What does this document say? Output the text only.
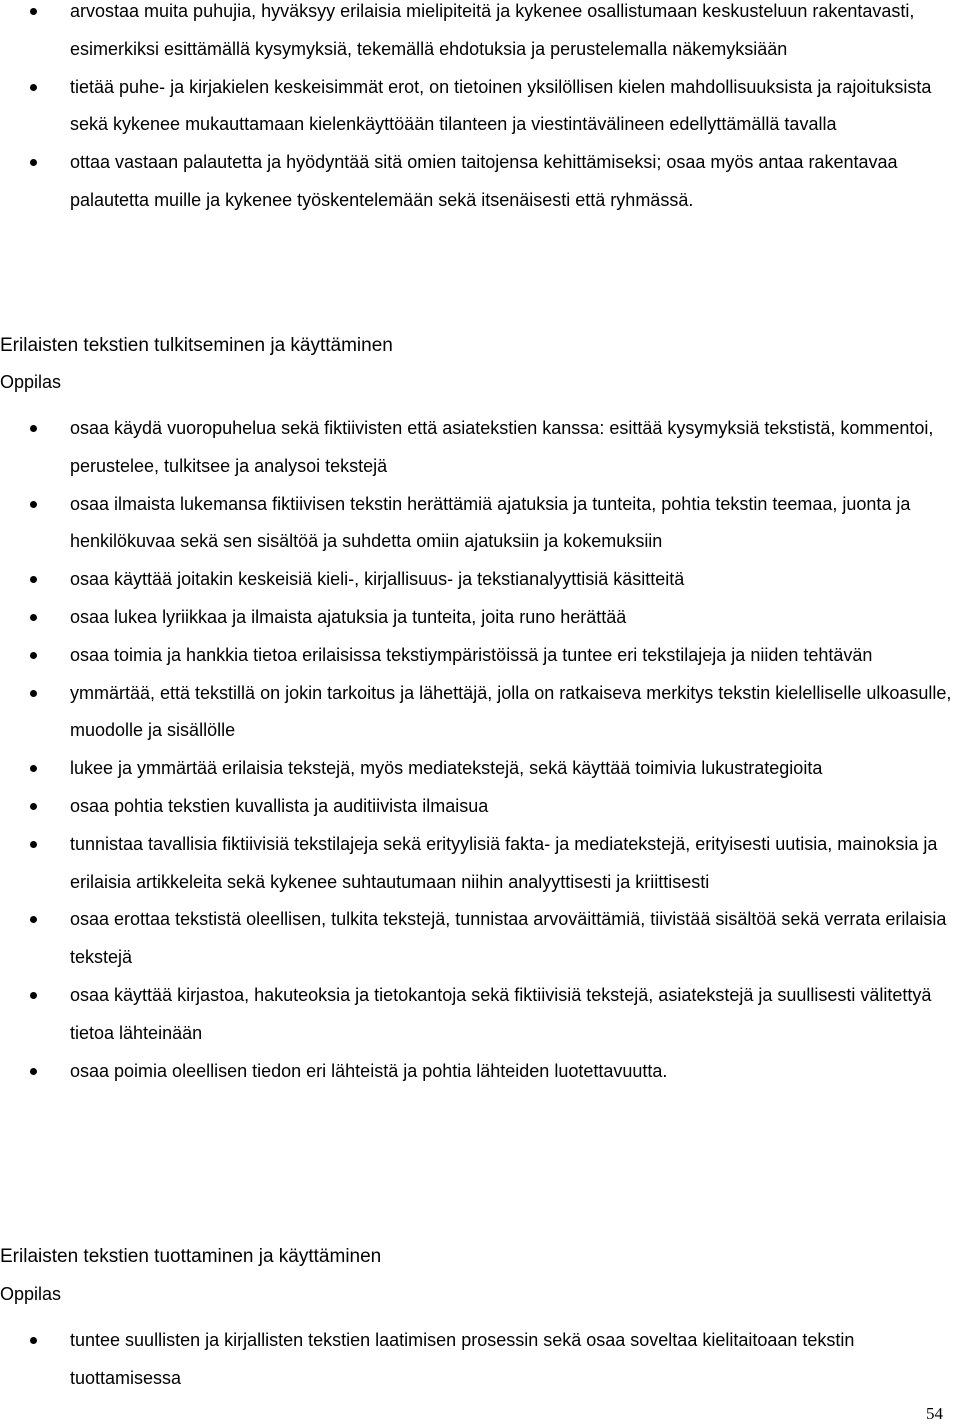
arvostaa muita puhujia, hyväksyy erilaisia mielipiteitä ja kykenee osallistumaan keskusteluun rakentavasti, esimerkiksi esittämällä kysymyksiä, tekemällä ehdotuksia ja perustelemalla näkemyksiään
tietää puhe- ja kirjakielen keskeisimmät erot, on tietoinen yksilöllisen kielen mahdollisuuksista ja rajoituksista sekä kykenee mukauttamaan kielenkäyttöään tilanteen ja viestintävälineen edellyttämällä tavalla
ottaa vastaan palautetta ja hyödyntää sitä omien taitojensa kehittämiseksi; osaa myös antaa rakentavaa palautetta muille ja kykenee työskentelemään sekä itsenäisesti että ryhmässä.
Erilaisten tekstien tulkitseminen ja käyttäminen

Oppilas

osaa käydä vuoropuhelua sekä fiktiivisten että asiatekstien kanssa: esittää kysymyksiä tekstistä, kommentoi, perustelee, tulkitsee ja analysoi tekstejä
osaa ilmaista lukemansa fiktiivisen tekstin herättämiä ajatuksia ja tunteita, pohtia tekstin teemaa, juonta ja henkilökuvaa sekä sen sisältöä ja suhdetta omiin ajatuksiin ja kokemuksiin
osaa käyttää joitakin keskeisiä kieli-, kirjallisuus- ja tekstianalyyttisiä käsitteitä
osaa lukea lyriikkaa ja ilmaista ajatuksia ja tunteita, joita runo herättää
osaa toimia ja hankkia tietoa erilaisissa tekstiympäristöissä ja tuntee eri tekstilajeja ja niiden tehtävän
ymmärtää, että tekstillä on jokin tarkoitus ja lähettäjä, jolla on ratkaiseva merkitys tekstin kielelliselle ulkoasulle, muodolle ja sisällölle
lukee ja ymmärtää erilaisia tekstejä, myös mediatekstejä, sekä käyttää toimivia lukustrategioita
osaa pohtia tekstien kuvallista ja auditiivista ilmaisua
tunnistaa tavallisia fiktiivisiä tekstilajeja sekä erityylisiä fakta- ja mediatekstejä, erityisesti uutisia, mainoksia ja erilaisia artikkeleita sekä kykenee suhtautumaan niihin analyyttisesti ja kriittisesti
osaa erottaa tekstistä oleellisen, tulkita tekstejä, tunnistaa arvoväittämiä, tiivistää sisältöä sekä verrata erilaisia tekstejä
osaa käyttää kirjastoa, hakuteoksia ja tietokantoja sekä fiktiivisiä tekstejä, asiatekstejä ja suullisesti välitettyä tietoa lähteinään
osaa poimia oleellisen tiedon eri lähteistä ja pohtia lähteiden luotettavuutta.
Erilaisten tekstien tuottaminen ja käyttäminen

Oppilas

tuntee suullisten ja kirjallisten tekstien laatimisen prosessin sekä osaa soveltaa kielitaitoaan tekstin tuottamisessa
54
